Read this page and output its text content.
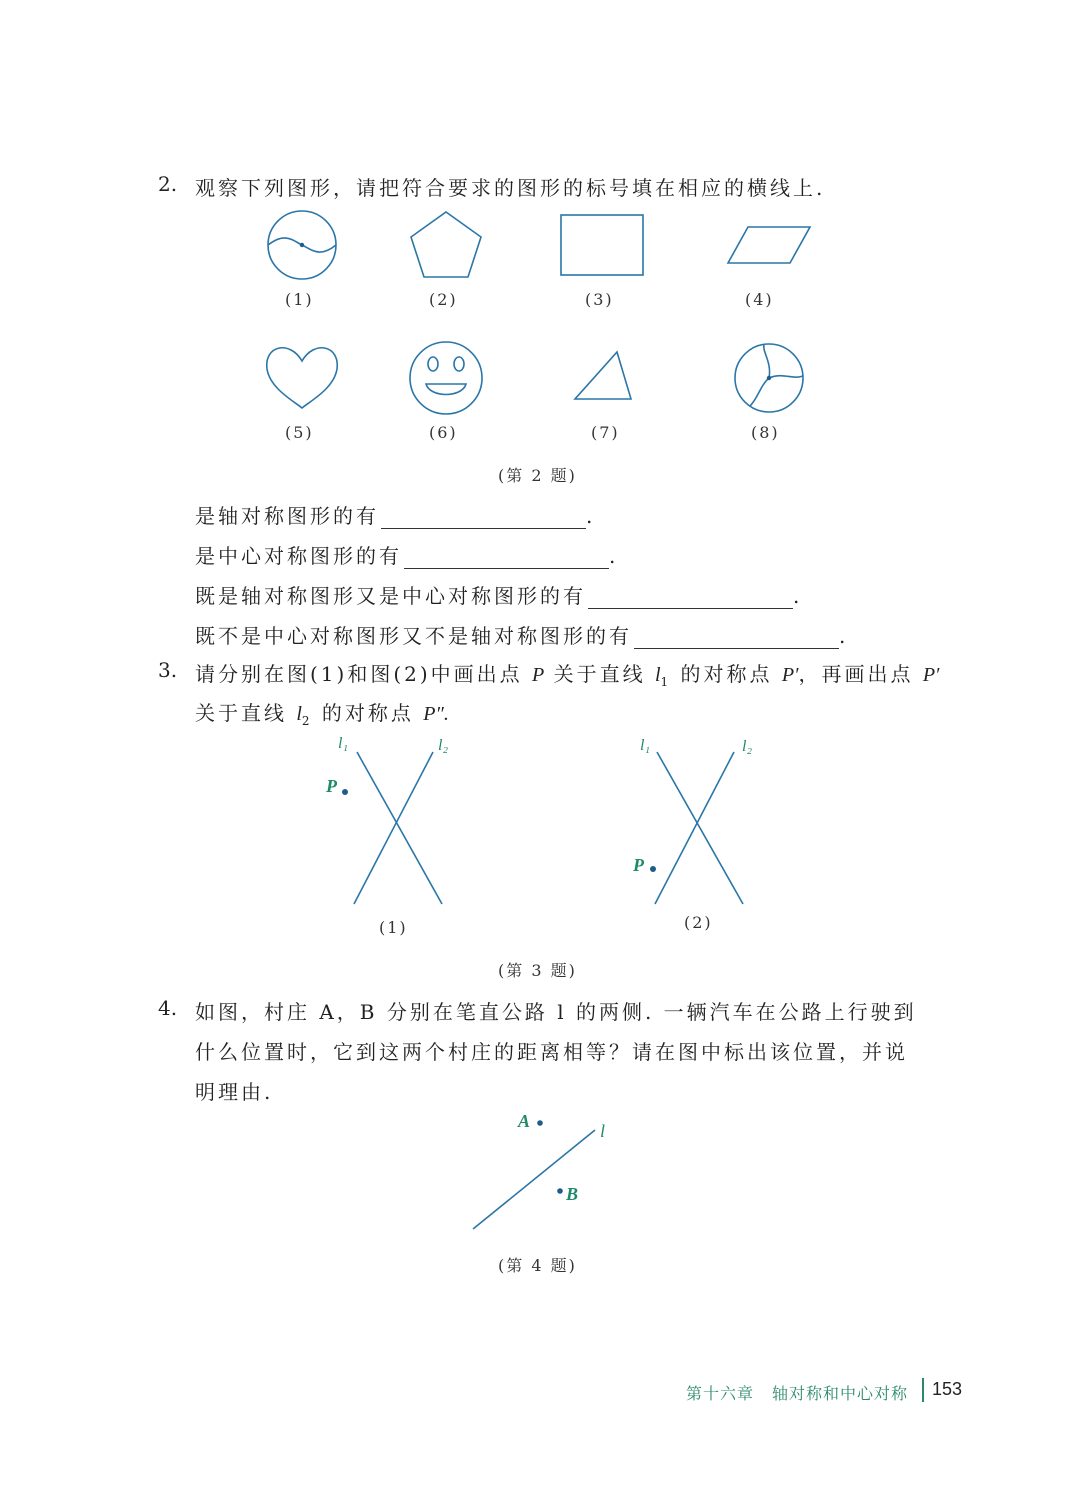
2. 观察下列图形，请把符合要求的图形的标号填在相应的横线上.
(1)	(2)	(3)	(4)
(5)	(6)	(7)	(8)
(第 2 题)
是轴对称图形的有	.
是中心对称图形的有	.
既是轴对称图形又是中心对称图形的有	.
既不是中心对称图形又不是轴对称图形的有	.
3. 请分别在图(1)和图(2)中画出点 P 关于直线 $l_1$ 的对称点 P′，再画出点 P′
关于直线 $l_2$ 的对称点 P″.
l₁	l₂
P
(1)
l₁	l₂
P
(2)
(第 3 题)
4. 如图，村庄 A，B 分别在笔直公路 l 的两侧. 一辆汽车在公路上行驶到
什么位置时，它到这两个村庄的距离相等？请在图中标出该位置，并说
明理由.
A
B
l
(第 4 题)
第十六章 轴对称和中心对称 153
